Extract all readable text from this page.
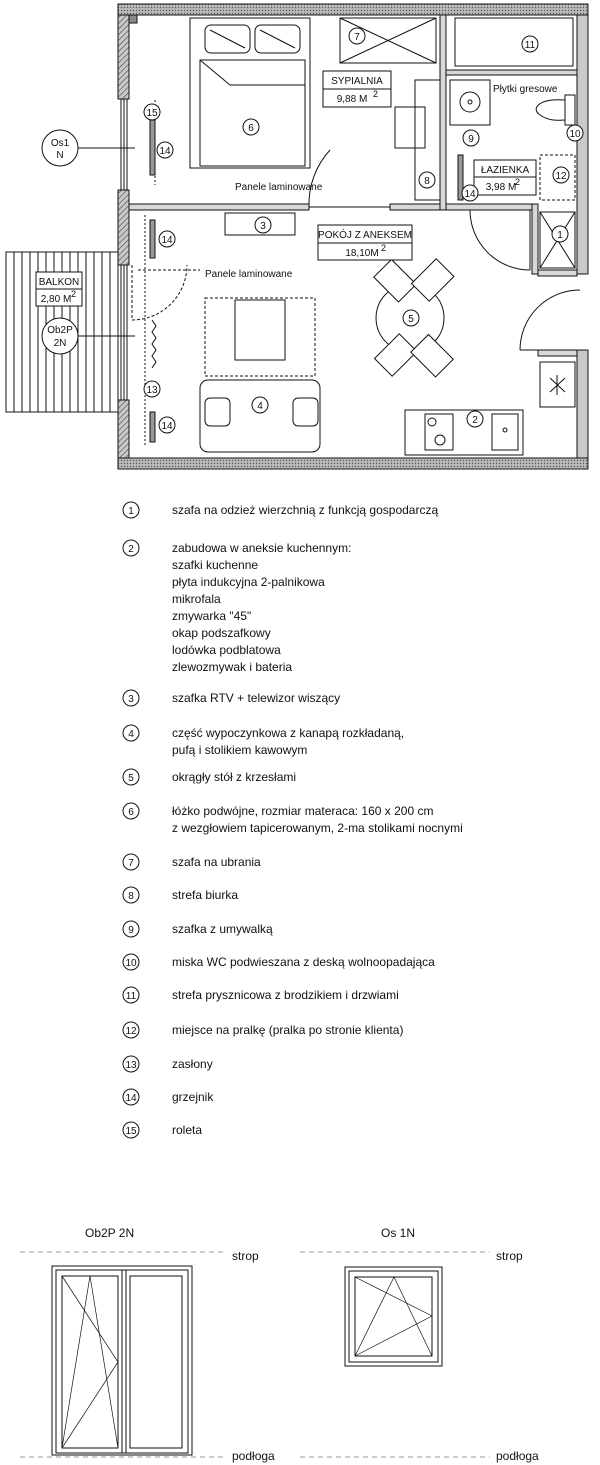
SYPIALNIA
9,88 M 2
POKÓJ Z ANEKSEM
18,10M 2
ŁAZIENKA
3,98 M
2
BALKON
2,80 M 2
Panele laminowane
Panele laminowane
Płytki gresowe
Os1
N
Ob2P
2N
1
2
3
4
5
6
7
8
9	10
11
12
13
14
14
14
14
15
1	szafa na odzież wierzchnią z funkcją gospodarczą
2	zabudowa w aneksie kuchennym:
szafki kuchenne
płyta indukcyjna 2-palnikowa
mikrofala
zmywarka "45"
okap podszafkowy
lodówka podblatowa
zlewozmywak i bateria
3	szafka RTV + telewizor wiszący
4	część wypoczynkowa z kanapą rozkładaną,
pufą i stolikiem kawowym
5	okrągły stół z krzesłami
6	łóżko podwójne, rozmiar materaca: 160 x 200 cm
z wezgłowiem tapicerowanym, 2-ma stolikami nocnymi
7	szafa na ubrania
8	strefa biurka
9	szafka z umywalką
10	miska WC podwieszana z deską wolnoopadająca
11	strefa prysznicowa z brodzikiem i drzwiami
12	miejsce na pralkę (pralka po stronie klienta)
13	zasłony
14	grzejnik
15	roleta
Ob2P 2N
strop
podłoga
Os 1N
strop
podłoga
